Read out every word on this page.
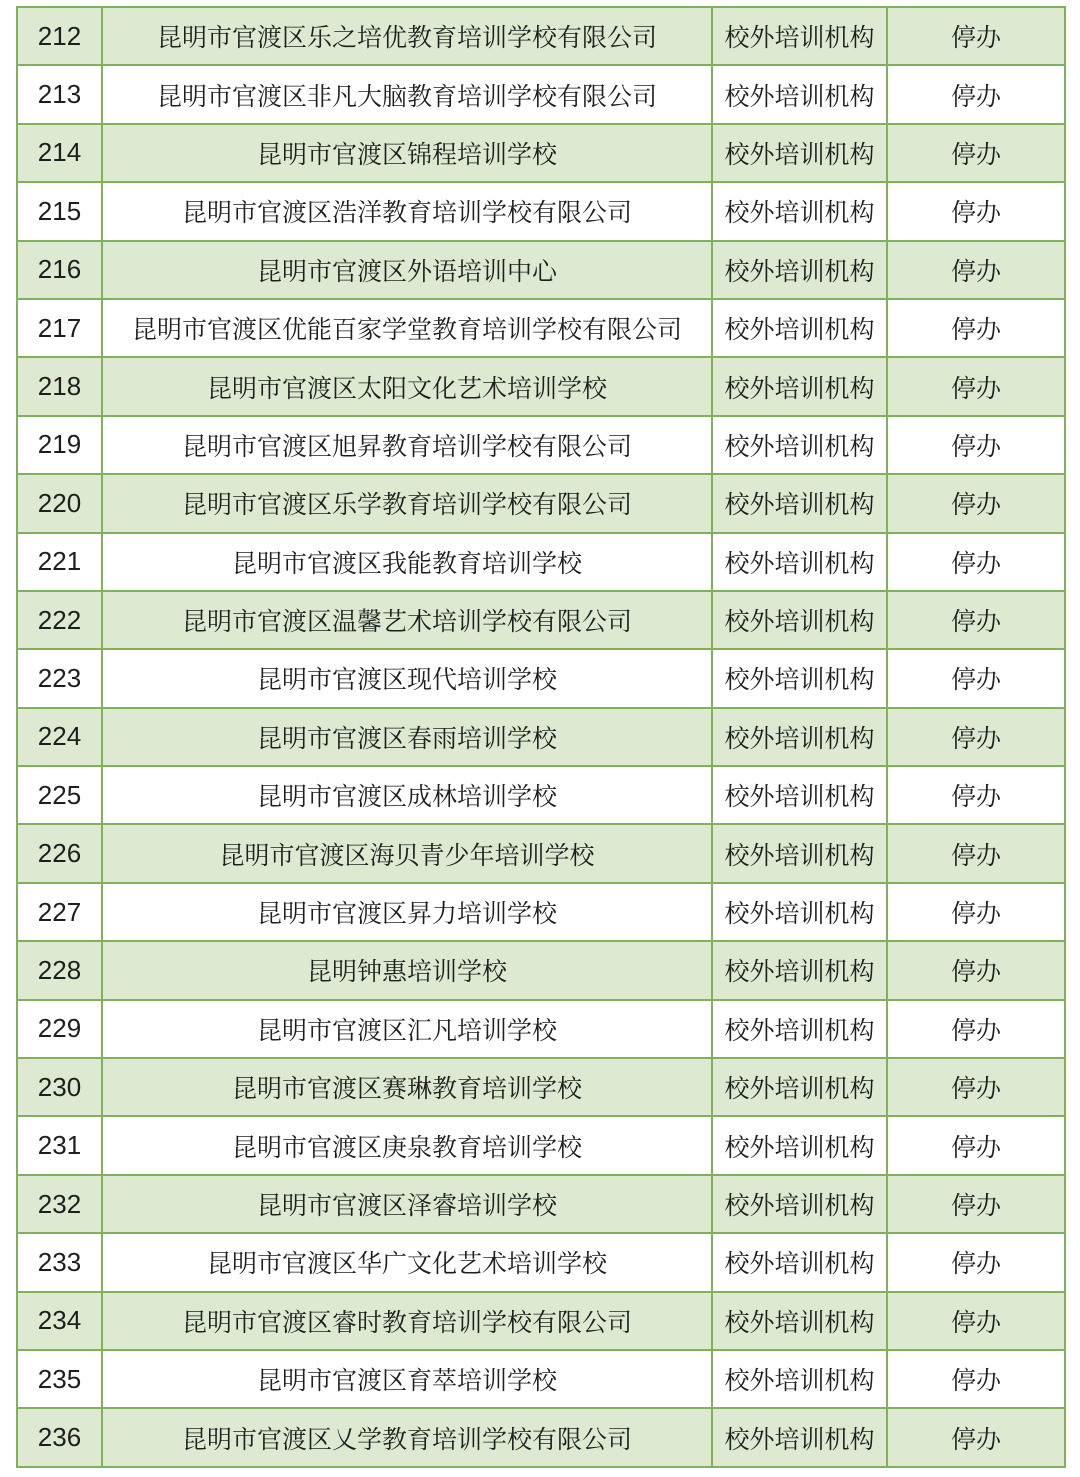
212	昆明市官渡区乐之培优教育培训学校有限公司	校外培训机构	停办
213	昆明市官渡区非凡大脑教育培训学校有限公司	校外培训机构	停办
214	昆明市官渡区锦程培训学校	校外培训机构	停办
215	昆明市官渡区浩洋教育培训学校有限公司	校外培训机构	停办
216	昆明市官渡区外语培训中心	校外培训机构	停办
217	昆明市官渡区优能百家学堂教育培训学校有限公司	校外培训机构	停办
218	昆明市官渡区太阳文化艺术培训学校	校外培训机构	停办
219	昆明市官渡区旭昇教育培训学校有限公司	校外培训机构	停办
220	昆明市官渡区乐学教育培训学校有限公司	校外培训机构	停办
221	昆明市官渡区我能教育培训学校	校外培训机构	停办
222	昆明市官渡区温馨艺术培训学校有限公司	校外培训机构	停办
223	昆明市官渡区现代培训学校	校外培训机构	停办
224	昆明市官渡区春雨培训学校	校外培训机构	停办
225	昆明市官渡区成林培训学校	校外培训机构	停办
226	昆明市官渡区海贝青少年培训学校	校外培训机构	停办
227	昆明市官渡区昇力培训学校	校外培训机构	停办
228	昆明钟惠培训学校	校外培训机构	停办
229	昆明市官渡区汇凡培训学校	校外培训机构	停办
230	昆明市官渡区赛琳教育培训学校	校外培训机构	停办
231	昆明市官渡区庚泉教育培训学校	校外培训机构	停办
232	昆明市官渡区泽睿培训学校	校外培训机构	停办
233	昆明市官渡区华广文化艺术培训学校	校外培训机构	停办
234	昆明市官渡区睿时教育培训学校有限公司	校外培训机构	停办
235	昆明市官渡区育萃培训学校	校外培训机构	停办
236	昆明市官渡区乂学教育培训学校有限公司	校外培训机构	停办
